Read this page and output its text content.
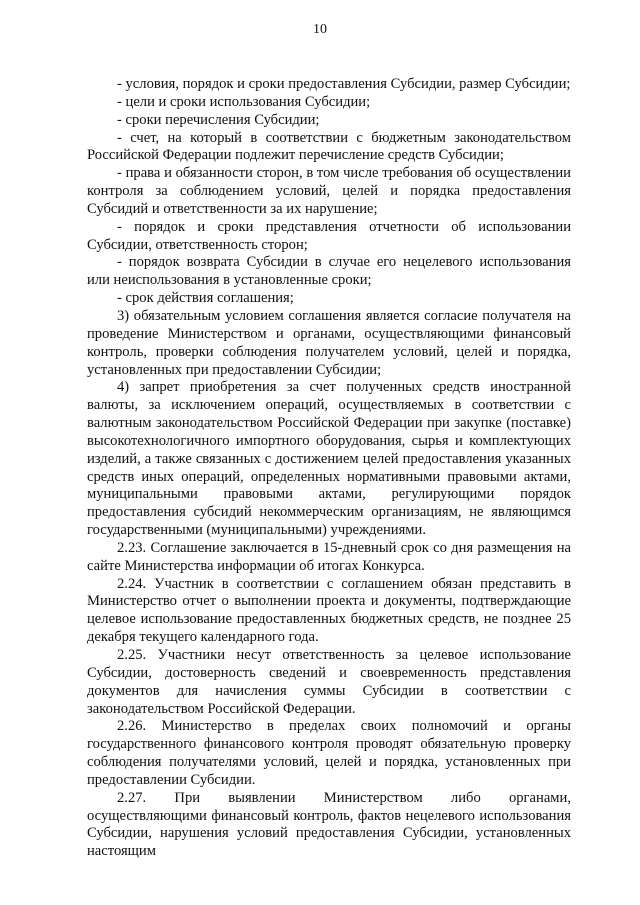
10

- условия, порядок и сроки предоставления Субсидии, размер Субсидии;

- цели и сроки использования Субсидии;

- сроки перечисления Субсидии;

- счет, на который в соответствии с бюджетным законодательством Российской Федерации подлежит перечисление средств Субсидии;

- права и обязанности сторон, в том числе требования об осуществлении контроля за соблюдением условий, целей и порядка предоставления Субсидий и ответственности за их нарушение;

- порядок и сроки представления отчетности об использовании Субсидии, ответственность сторон;

- порядок возврата Субсидии в случае его нецелевого использования или неиспользования в установленные сроки;

- срок действия соглашения;

3) обязательным условием соглашения является согласие получателя на проведение Министерством и органами, осуществляющими финансовый контроль, проверки соблюдения получателем условий, целей и порядка, установленных при предоставлении Субсидии;

4) запрет приобретения за счет полученных средств иностранной валюты, за исключением операций, осуществляемых в соответствии с валютным законодательством Российской Федерации при закупке (поставке) высокотехнологичного импортного оборудования, сырья и комплектующих изделий, а также связанных с достижением целей предоставления указанных средств иных операций, определенных нормативными правовыми актами, муниципальными правовыми актами, регулирующими порядок предоставления субсидий некоммерческим организациям, не являющимся государственными (муниципальными) учреждениями.

2.23. Соглашение заключается в 15-дневный срок со дня размещения на сайте Министерства информации об итогах Конкурса.

2.24. Участник в соответствии с соглашением обязан представить в Министерство отчет о выполнении проекта и документы, подтверждающие целевое использование предоставленных бюджетных средств, не позднее 25 декабря текущего календарного года.

2.25. Участники несут ответственность за целевое использование Субсидии, достоверность сведений и своевременность представления документов для начисления суммы Субсидии в соответствии с законодательством Российской Федерации.

2.26. Министерство в пределах своих полномочий и органы государственного финансового контроля проводят обязательную проверку соблюдения получателями условий, целей и порядка, установленных при предоставлении Субсидии.

2.27. При выявлении Министерством либо органами, осуществляющими финансовый контроль, фактов нецелевого использования Субсидии, нарушения условий предоставления Субсидии, установленных настоящим
